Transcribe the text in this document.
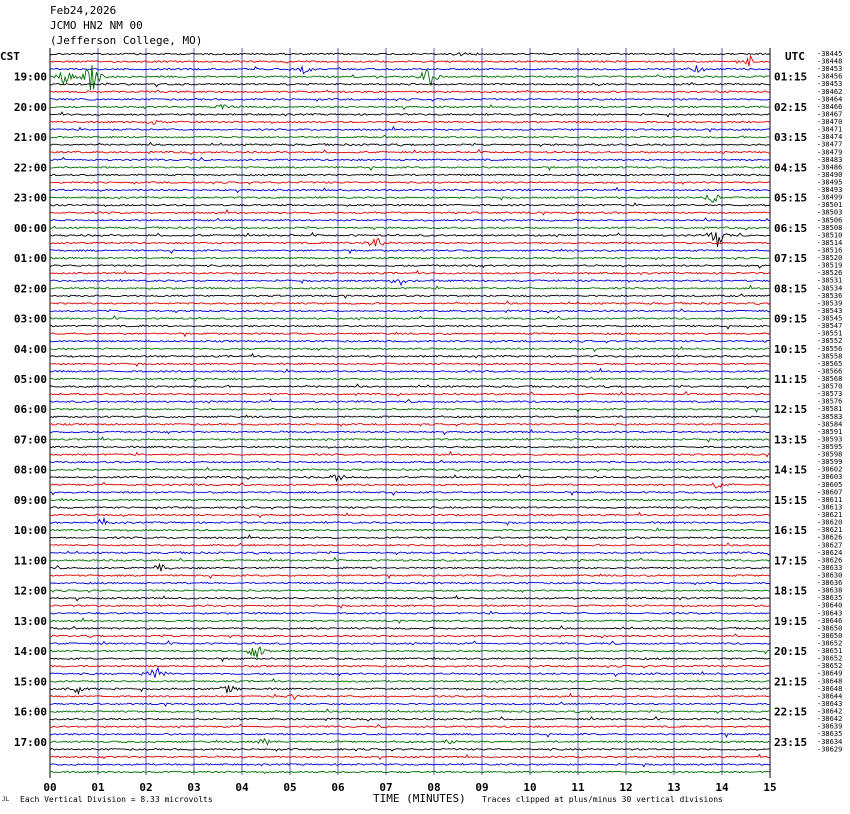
Feb24,2026
JCMO HN2 NM 00
(Jefferson College, MO)
19:00
20:00
21:00
22:00
23:00
00:00
01:00
02:00
03:00
04:00
05:00
06:00
07:00
08:00
09:00
10:00
11:00
12:00
13:00
14:00
15:00
16:00
17:00
01:15
02:15
03:15
04:15
05:15
06:15
07:15
08:15
09:15
10:15
11:15
12:15
13:15
14:15
15:15
16:15
17:15
18:15
19:15
20:15
21:15
22:15
23:15
CST	UTC -38445
-38448
-38453
-38456
-38453
-38462
-38464
-38466
-38467
-38470
-38471
-38474
-38477
-38479
-38483
-38486
-38490
-38495
-38493
-38499
-38501
-38503
-38506
-38508
-38510
-38514
-38516
-38520
-38519
-38526
-38531
-38534
-38536
-38539
-38543
-38545
-38547
-38551
-38552
-38556
-38558
-38565
-38566
-38568
-38570
-38573
-38576
-38581
-38583
-38584
-38591
-38593
-38595
-38598
-38599
-38602
-38603
-38605
-38607
-38611
-38613
-38621
-38620
-38621
-38626
-38627
-38624
-38626
-38633
-38630
-38636
-38638
-38635
-38640
-38643
-38646
-38650
-38650
-38652
-38651
-38652
-38652
-38649
-38648
-38648
-38644
-38643
-38642
-38642
-38639
-38635
-38634
-38629
00	01	02	03	04	05	06	07	08	09	10	11	12	13	14	15
JL Each Vertical Division = 8.33 microvolts	TIME (MINUTES) Traces clipped at plus/minus 30 vertical divisions
